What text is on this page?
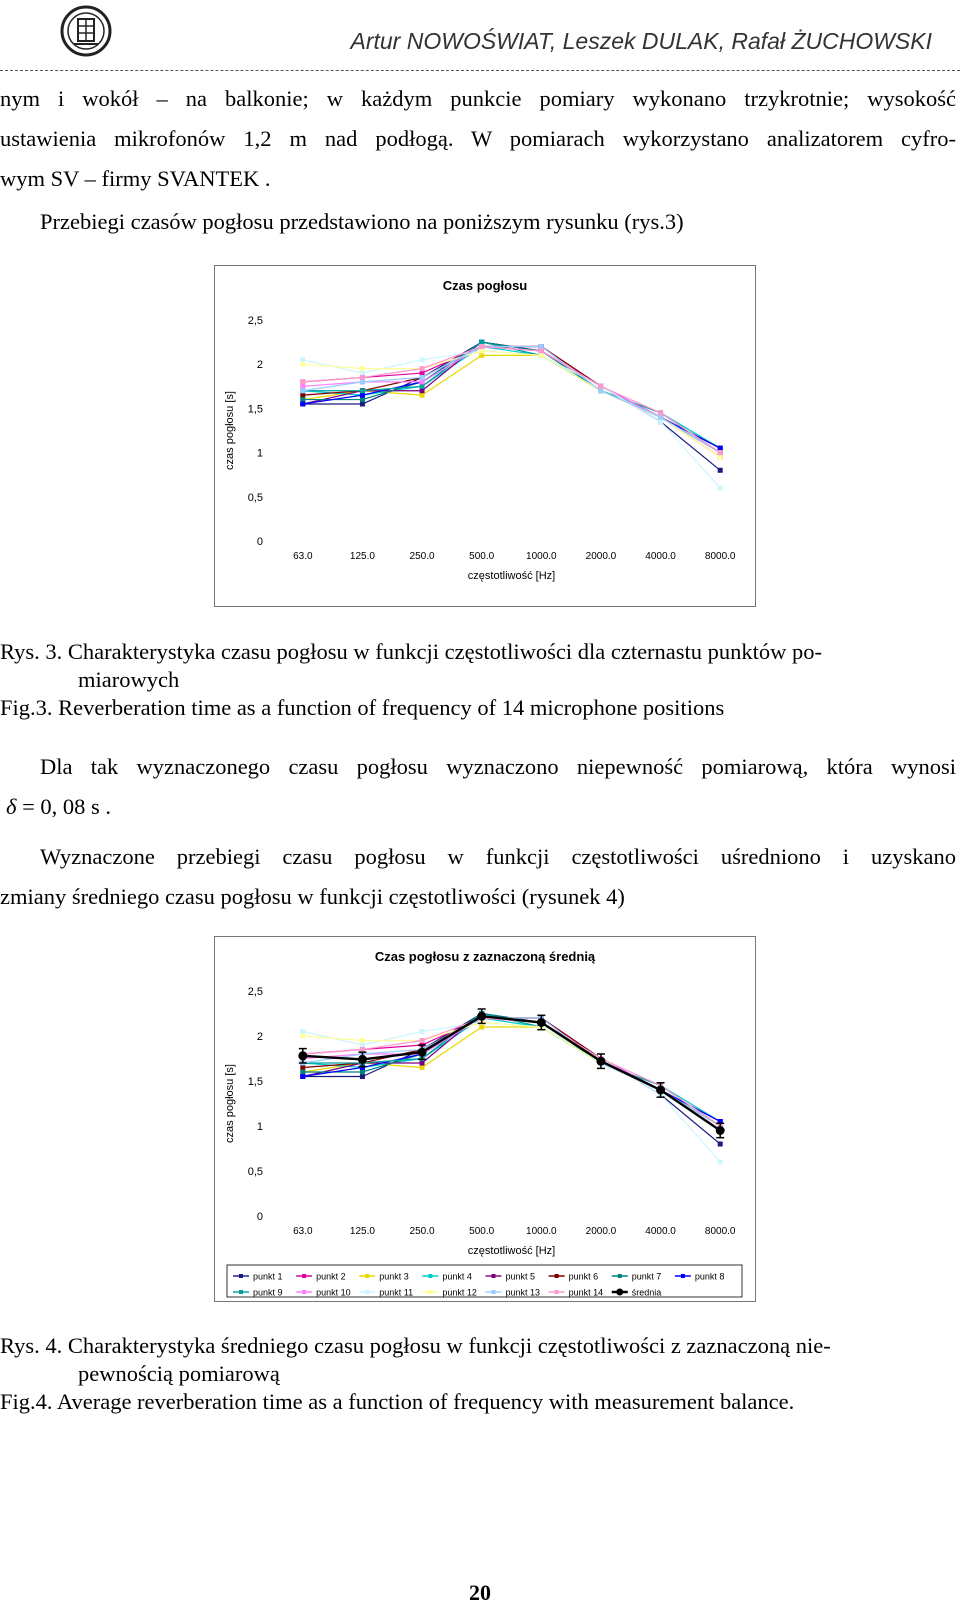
Artur NOWOŚWIAT, Leszek DULAK, Rafał ŻUCHOWSKI

nym i wokół – na balkonie; w każdym punkcie pomiary wykonano trzykrotnie; wysokość

ustawienia mikrofonów 1,2 m nad podłogą. W pomiarach wykorzystano analizatorem cyfro-

wym SV – firmy SVANTEK .

Przebiegi czasów pogłosu przedstawiono na poniższym rysunku (rys.3)

Czas pogłosu
0
0,5
1
1,5
2
2,5
czas pogłosu [s]
63.0	125.0	250.0	500.0	1000.0	2000.0	4000.0	8000.0
częstotliwość [Hz]

Rys. 3. Charakterystyka czasu pogłosu w funkcji częstotliwości dla czternastu punktów po-
miarowych

Fig.3. Reverberation time as a function of frequency of 14 microphone positions

Dla tak wyznaczonego czasu pogłosu wyznaczono niepewność pomiarową, która wynosi

δ = 0, 08 s .

Wyznaczone przebiegi czasu pogłosu w funkcji częstotliwości uśredniono i uzyskano

zmiany średniego czasu pogłosu w funkcji częstotliwości (rysunek 4)

Czas pogłosu z zaznaczoną średnią
0
0,5
1
1,5
2
2,5
czas pogłosu [s]
63.0	125.0	250.0	500.0	1000.0	2000.0	4000.0	8000.0
częstotliwość [Hz]
punkt 1	punkt 2	punkt 3	punkt 4	punkt 5	punkt 6	punkt 7	punkt 8
punkt 9	punkt 10	punkt 11	punkt 12	punkt 13	punkt 14	średnia

Rys. 4. Charakterystyka średniego czasu pogłosu w funkcji częstotliwości z zaznaczoną nie-
pewnością pomiarową

Fig.4. Average reverberation time as a function of frequency with measurement balance.

20
